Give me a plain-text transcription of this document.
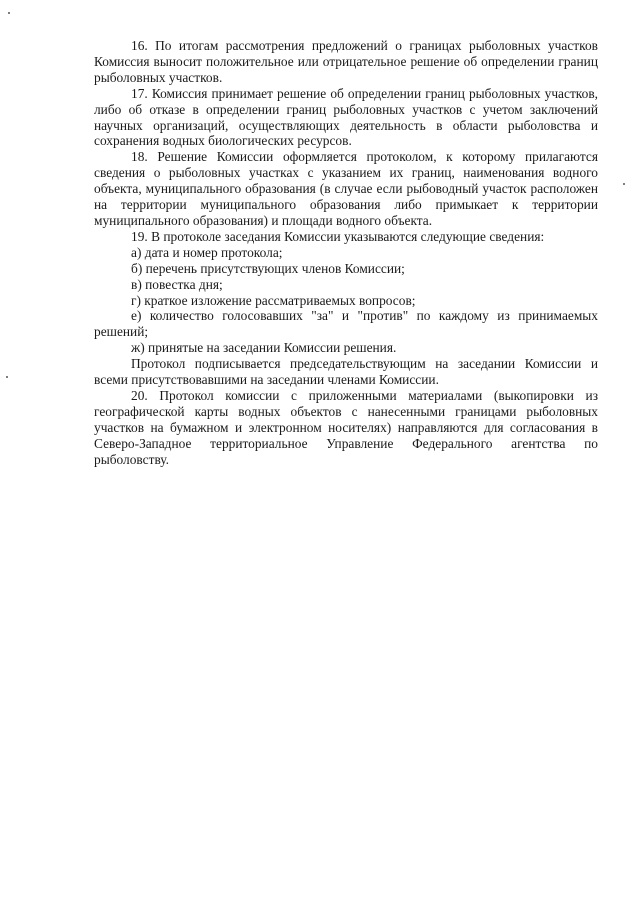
16. По итогам рассмотрения предложений о границах рыболовных участков Комиссия выносит положительное или отрицательное решение об определении границ рыболовных участков.

17. Комиссия принимает решение об определении границ рыболовных участков, либо об отказе в определении границ рыболовных участков с учетом заключений научных организаций, осуществляющих деятельность в области рыболовства и сохранения водных биологических ресурсов.

18. Решение Комиссии оформляется протоколом, к которому прилагаются сведения о рыболовных участках с указанием их границ, наименования водного объекта, муниципального образования (в случае если рыбоводный участок расположен на территории муниципального образования либо примыкает к территории муниципального образования) и площади водного объекта.

19. В протоколе заседания Комиссии указываются следующие сведения:

а) дата и номер протокола;

б) перечень присутствующих членов Комиссии;

в) повестка дня;

г) краткое изложение рассматриваемых вопросов;

е) количество голосовавших "за" и "против" по каждому из принимаемых решений;

ж) принятые на заседании Комиссии решения.

Протокол подписывается председательствующим на заседании Комиссии и всеми присутствовавшими на заседании членами Комиссии.

20. Протокол комиссии с приложенными материалами (выкопировки из географической карты водных объектов с нанесенными границами рыболовных участков на бумажном и электронном носителях) направляются для согласования в Северо-Западное территориальное Управление Федерального агентства по рыболовству.
